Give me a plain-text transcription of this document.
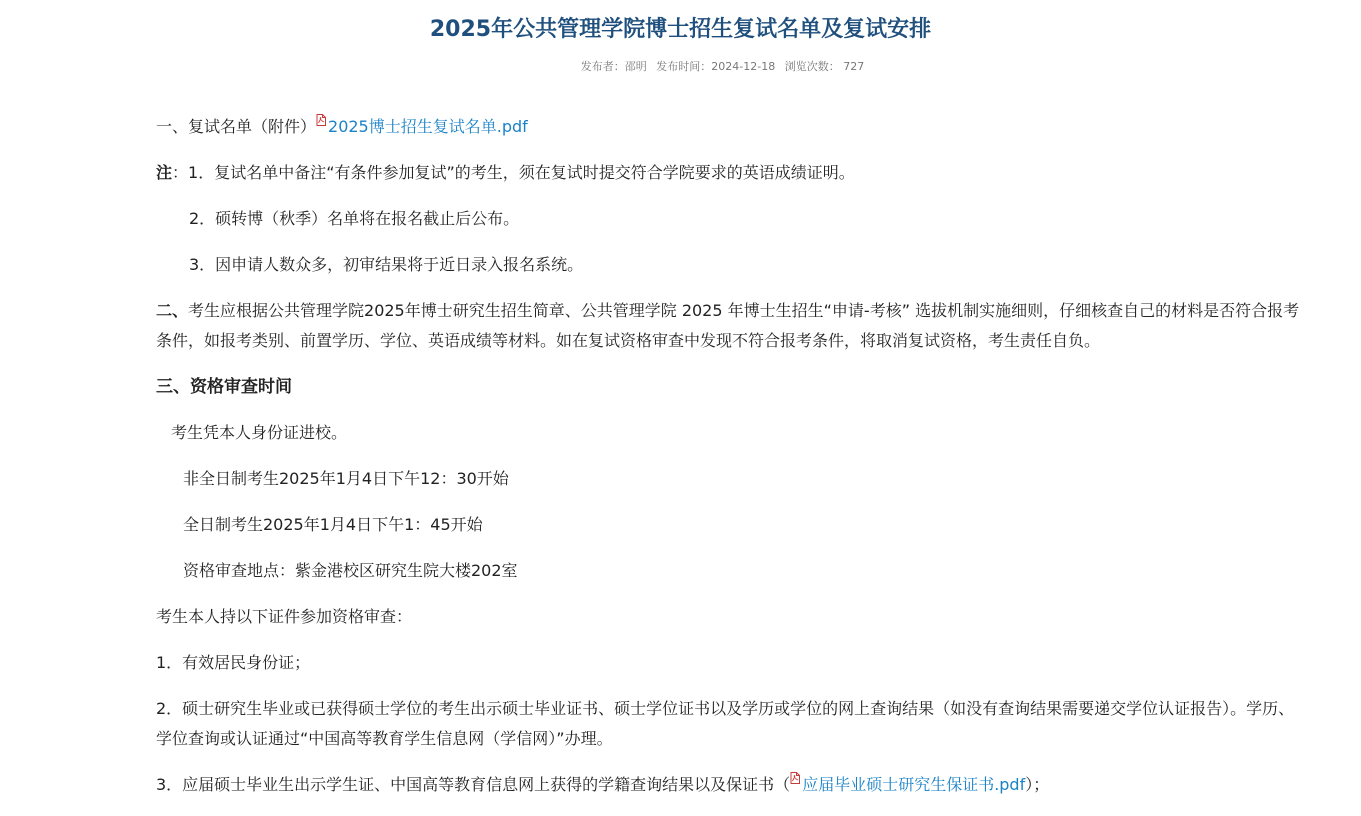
2025年公共管理学院博士招生复试名单及复试安排
发布者：邵明 发布时间：2024-12-18 浏览次数： 727
一、复试名单（附件） 2025博士招生复试名单.pdf
注：1．复试名单中备注“有条件参加复试”的考生，须在复试时提交符合学院要求的英语成绩证明。
2．硕转博（秋季）名单将在报名截止后公布。
3．因申请人数众多，初审结果将于近日录入报名系统。
二、考生应根据公共管理学院2025年博士研究生招生简章、公共管理学院 2025 年博士生招生“申请-考核” 选拔机制实施细则，仔细核查自己的材料是否符合报考条件，如报考类别、前置学历、学位、英语成绩等材料。如在复试资格审查中发现不符合报考条件，将取消复试资格，考生责任自负。
三、资格审查时间
考生凭本人身份证进校。
非全日制考生2025年1月4日下午12：30开始
全日制考生2025年1月4日下午1：45开始
资格审查地点：紫金港校区研究生院大楼202室
考生本人持以下证件参加资格审查：
1．有效居民身份证；
2．硕士研究生毕业或已获得硕士学位的考生出示硕士毕业证书、硕士学位证书以及学历或学位的网上查询结果（如没有查询结果需要递交学位认证报告）。学历、学位查询或认证通过“中国高等教育学生信息网（学信网）”办理。
3．应届硕士毕业生出示学生证、中国高等教育信息网上获得的学籍查询结果以及保证书（ 应届毕业硕士研究生保证书.pdf）；
